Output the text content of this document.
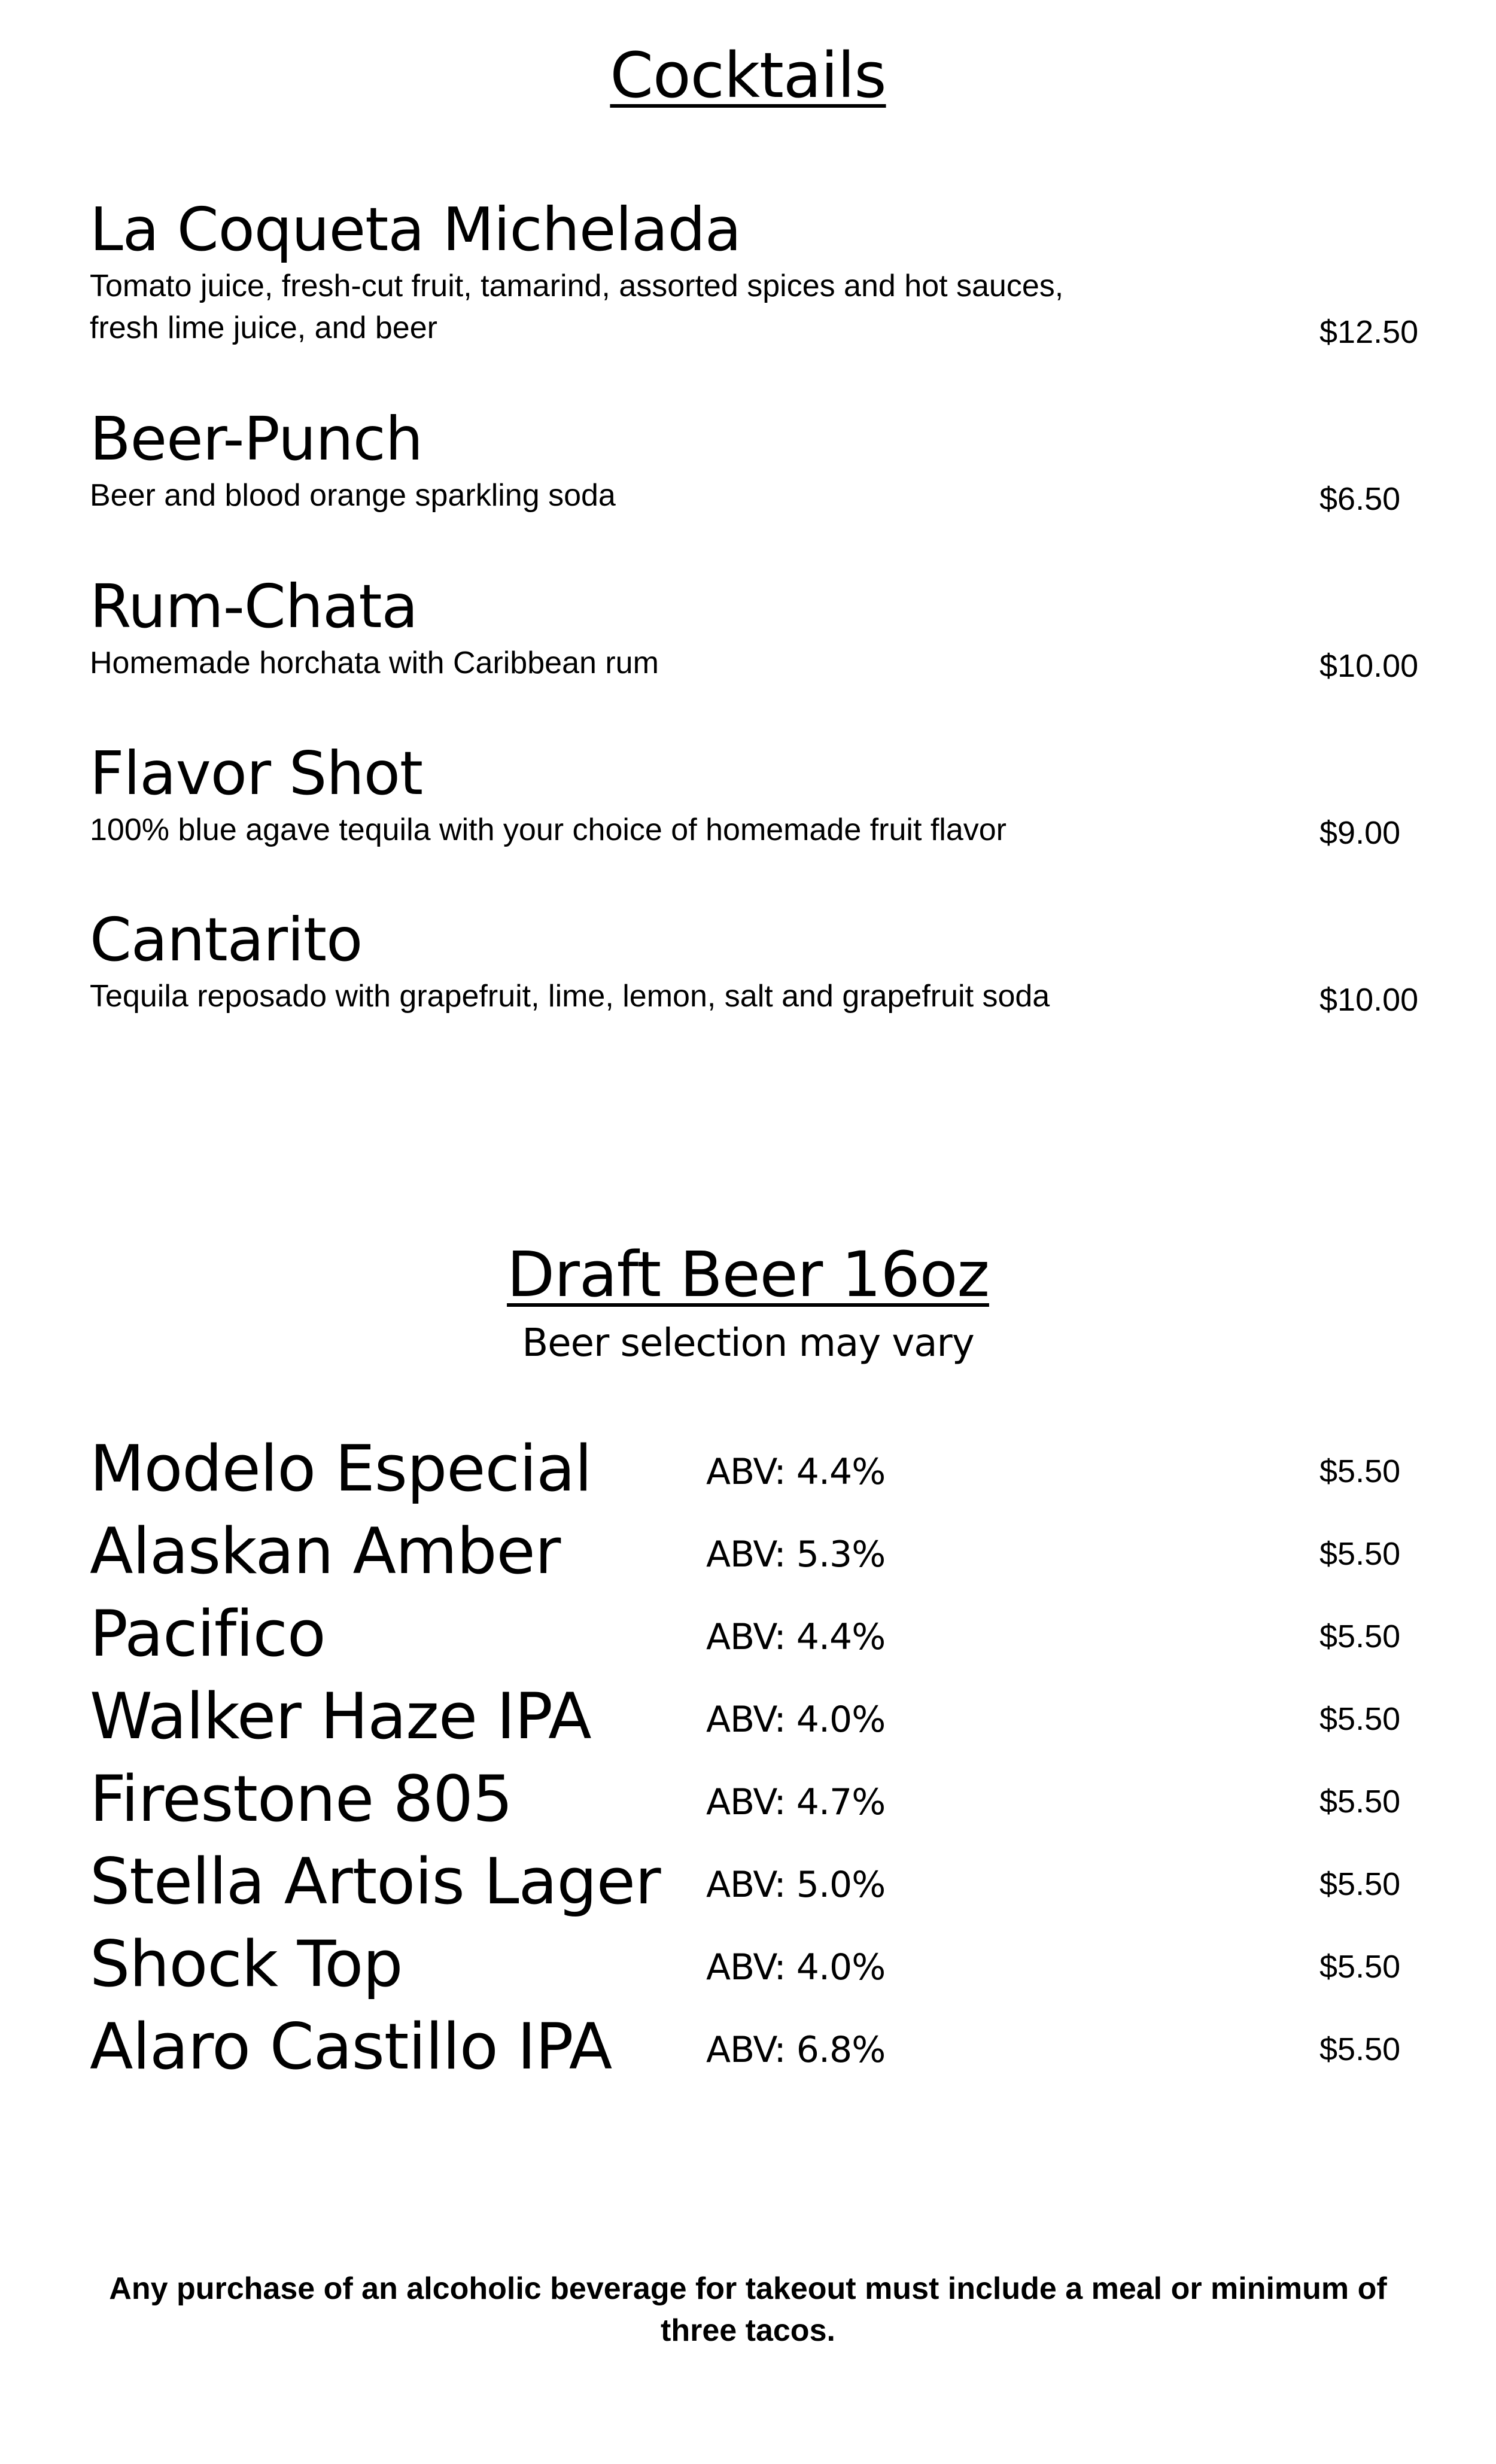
Cocktails
La Coqueta Michelada
Tomato juice, fresh-cut fruit, tamarind, assorted spices and hot sauces, fresh lime juice, and beer	$12.50
Beer-Punch
Beer and blood orange sparkling soda	$6.50
Rum-Chata
Homemade horchata with Caribbean rum	$10.00
Flavor Shot
100% blue agave tequila with your choice of homemade fruit flavor	$9.00
Cantarito
Tequila reposado with grapefruit, lime, lemon, salt and grapefruit soda	$10.00
Draft Beer 16oz
Beer selection may vary
Modelo Especial	ABV: 4.4%	$5.50
Alaskan Amber	ABV: 5.3%	$5.50
Pacifico	ABV: 4.4%	$5.50
Walker Haze IPA	ABV: 4.0%	$5.50
Firestone 805	ABV: 4.7%	$5.50
Stella Artois Lager ABV: 5.0%	$5.50
Shock Top	ABV: 4.0%	$5.50
Alaro Castillo IPA	ABV: 6.8%	$5.50
Any purchase of an alcoholic beverage for takeout must include a meal or minimum of three tacos.
